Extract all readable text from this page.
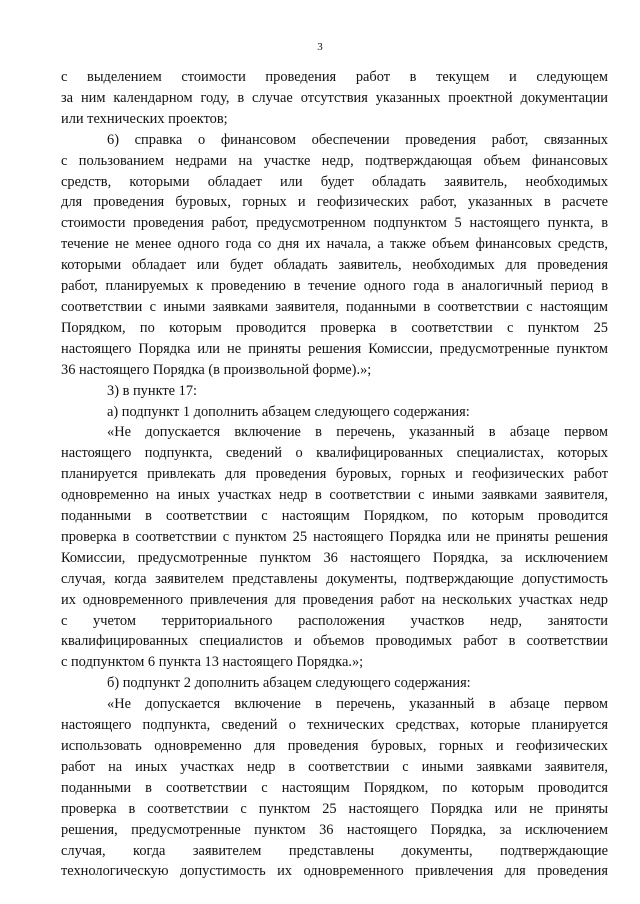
3
с выделением стоимости проведения работ в текущем и следующем
за ним календарном году, в случае отсутствия указанных проектной документации
или технических проектов;
6) справка о финансовом обеспечении проведения работ, связанных
с пользованием недрами на участке недр, подтверждающая объем финансовых
средств, которыми обладает или будет обладать заявитель, необходимых
для проведения буровых, горных и геофизических работ, указанных в расчете
стоимости проведения работ, предусмотренном подпунктом 5 настоящего пункта, в
течение не менее одного года со дня их начала, а также объем финансовых средств,
которыми обладает или будет обладать заявитель, необходимых для проведения
работ, планируемых к проведению в течение одного года в аналогичный период в
соответствии с иными заявками заявителя, поданными в соответствии с настоящим
Порядком, по которым проводится проверка в соответствии с пунктом 25
настоящего Порядка или не приняты решения Комиссии, предусмотренные пунктом
36 настоящего Порядка (в произвольной форме).»;
3) в пункте 17:
а) подпункт 1 дополнить абзацем следующего содержания:
«Не допускается включение в перечень, указанный в абзаце первом
настоящего подпункта, сведений о квалифицированных специалистах, которых
планируется привлекать для проведения буровых, горных и геофизических работ
одновременно на иных участках недр в соответствии с иными заявками заявителя,
поданными в соответствии с настоящим Порядком, по которым проводится
проверка в соответствии с пунктом 25 настоящего Порядка или не приняты решения
Комиссии, предусмотренные пунктом 36 настоящего Порядка, за исключением
случая, когда заявителем представлены документы, подтверждающие допустимость
их одновременного привлечения для проведения работ на нескольких участках недр
с учетом территориального расположения участков недр, занятости
квалифицированных специалистов и объемов проводимых работ в соответствии
с подпунктом 6 пункта 13 настоящего Порядка.»;
б) подпункт 2 дополнить абзацем следующего содержания:
«Не допускается включение в перечень, указанный в абзаце первом
настоящего подпункта, сведений о технических средствах, которые планируется
использовать одновременно для проведения буровых, горных и геофизических
работ на иных участках недр в соответствии с иными заявками заявителя,
поданными в соответствии с настоящим Порядком, по которым проводится
проверка в соответствии с пунктом 25 настоящего Порядка или не приняты
решения, предусмотренные пунктом 36 настоящего Порядка, за исключением
случая, когда заявителем представлены документы, подтверждающие
технологическую допустимость их одновременного привлечения для проведения
